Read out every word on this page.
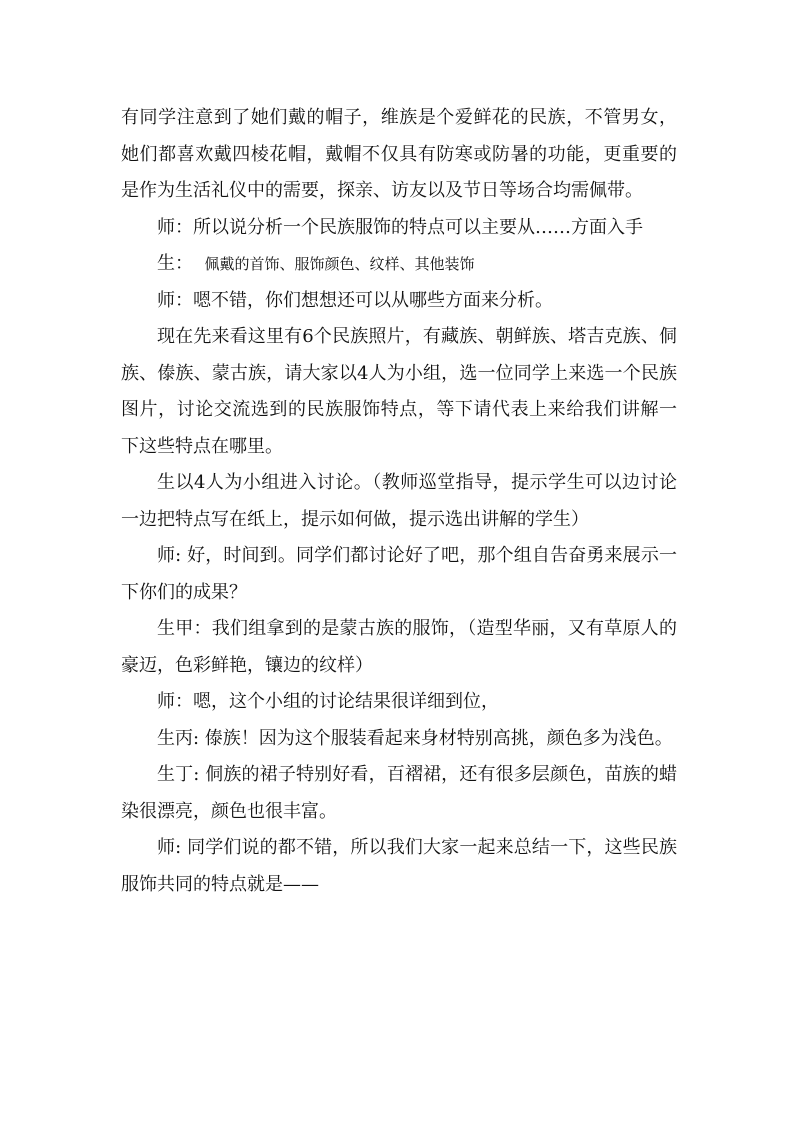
有同学注意到了她们戴的帽子，维族是个爱鲜花的民族，不管男女，她们都喜欢戴四棱花帽，戴帽不仅具有防寒或防暑的功能，更重要的是作为生活礼仪中的需要，探亲、访友以及节日等场合均需佩带。

师：所以说分析一个民族服饰的特点可以主要从……方面入手

生： 佩戴的首饰、服饰颜色、纹样、其他装饰

师：嗯不错，你们想想还可以从哪些方面来分析。

现在先来看这里有6个民族照片，有藏族、朝鲜族、塔吉克族、侗族、傣族、蒙古族，请大家以4人为小组，选一位同学上来选一个民族图片，讨论交流选到的民族服饰特点，等下请代表上来给我们讲解一下这些特点在哪里。

生以4人为小组进入讨论。（教师巡堂指导，提示学生可以边讨论一边把特点写在纸上，提示如何做，提示选出讲解的学生）

师: 好，时间到。同学们都讨论好了吧，那个组自告奋勇来展示一下你们的成果？

生甲：我们组拿到的是蒙古族的服饰，（造型华丽，又有草原人的豪迈，色彩鲜艳，镶边的纹样）

师：嗯，这个小组的讨论结果很详细到位，

生丙: 傣族！因为这个服装看起来身材特别高挑，颜色多为浅色。

生丁: 侗族的裙子特别好看，百褶裙，还有很多层颜色，苗族的蜡染很漂亮，颜色也很丰富。

师: 同学们说的都不错，所以我们大家一起来总结一下，这些民族服饰共同的特点就是——
